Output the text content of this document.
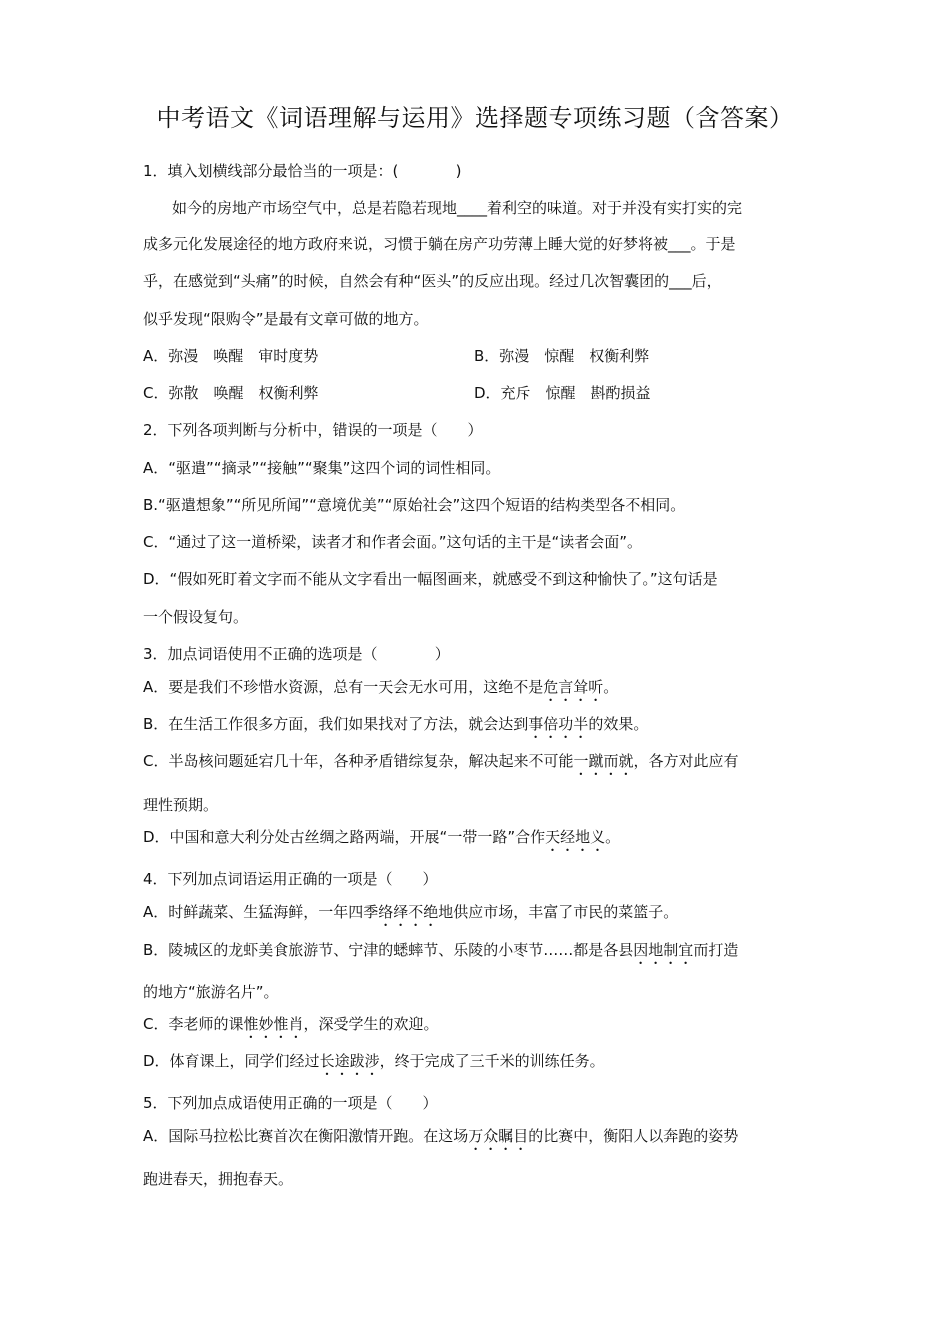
中考语文《词语理解与运用》选择题专项练习题（含答案）
1．填入划横线部分最恰当的一项是：(            )
如今的房地产市场空气中，总是若隐若现地____着利空的味道。对于并没有实打实的完
成多元化发展途径的地方政府来说，习惯于躺在房产功劳薄上睡大觉的好梦将被___。于是
乎，在感觉到“头痛”的时候，自然会有种“医头”的反应出现。经过几次智囊团的___后，
似乎发现“限购令”是最有文章可做的地方。
A．弥漫　唤醒　审时度势	B．弥漫　惊醒　权衡利弊
C．弥散　唤醒　权衡利弊	D．充斥　惊醒　斟酌损益
2．下列各项判断与分析中，错误的一项是（　　）
A．“驱遣”“摘录”“接触”“聚集”这四个词的词性相同。
B.“驱遣想象”“所见所闻”“意境优美”“原始社会”这四个短语的结构类型各不相同。
C．“通过了这一道桥梁，读者才和作者会面。”这句话的主干是“读者会面”。
D．“假如死盯着文字而不能从文字看出一幅图画来，就感受不到这种愉快了。”这句话是
一个假设复句。
3．加点词语使用不正确的选项是（            ）
A．要是我们不珍惜水资源，总有一天会无水可用，这绝不是危言耸听。
B．在生活工作很多方面，我们如果找对了方法，就会达到事倍功半的效果。
C．半岛核问题延宕几十年，各种矛盾错综复杂，解决起来不可能一蹴而就，各方对此应有
理性预期。
D．中国和意大利分处古丝绸之路两端，开展“一带一路”合作天经地义。
4．下列加点词语运用正确的一项是（　　）
A．时鲜蔬菜、生猛海鲜，一年四季络绎不绝地供应市场，丰富了市民的菜篮子。
B．陵城区的龙虾美食旅游节、宁津的蟋蟀节、乐陵的小枣节……都是各县因地制宜而打造
的地方“旅游名片”。
C．李老师的课惟妙惟肖，深受学生的欢迎。
D．体育课上，同学们经过长途跋涉，终于完成了三千米的训练任务。
5．下列加点成语使用正确的一项是（　　）
A．国际马拉松比赛首次在衡阳激情开跑。在这场万众瞩目的比赛中，衡阳人以奔跑的姿势
跑进春天，拥抱春天。
